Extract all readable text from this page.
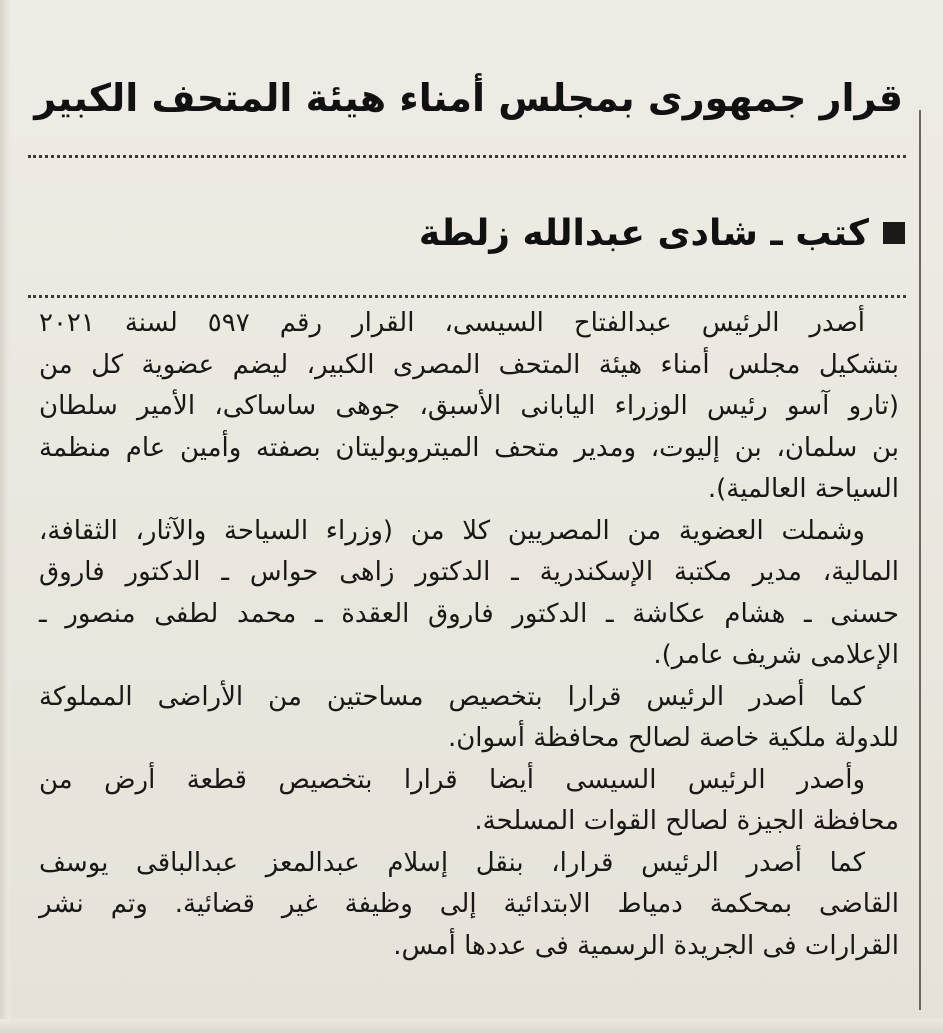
قرار جمهورى بمجلس أمناء هيئة المتحف الكبير
كتب ـ شادى عبدالله زلطة

أصدر الرئيس عبدالفتاح السيسى، القرار رقم ٥٩٧ لسنة ٢٠٢١
بتشكيل مجلس أمناء هيئة المتحف المصرى الكبير، ليضم عضوية كل من
(تارو آسو رئيس الوزراء اليابانى الأسبق، جوهى ساساكى، الأمير سلطان
بن سلمان، بن إليوت، ومدير متحف الميتروبوليتان بصفته وأمين عام منظمة
السياحة العالمية).

وشملت العضوية من المصريين كلا من (وزراء السياحة والآثار، الثقافة،
المالية، مدير مكتبة الإسكندرية ـ الدكتور زاهى حواس ـ الدكتور فاروق
حسنى ـ هشام عكاشة ـ الدكتور فاروق العقدة ـ محمد لطفى منصور ـ
الإعلامى شريف عامر).

كما أصدر الرئيس قرارا بتخصيص مساحتين من الأراضى المملوكة
للدولة ملكية خاصة لصالح محافظة أسوان.

وأصدر الرئيس السيسى أيضا قرارا بتخصيص قطعة أرض من
محافظة الجيزة لصالح القوات المسلحة.

كما أصدر الرئيس قرارا، بنقل إسلام عبدالمعز عبدالباقى يوسف
القاضى بمحكمة دمياط الابتدائية إلى وظيفة غير قضائية. وتم نشر
القرارات فى الجريدة الرسمية فى عددها أمس.
